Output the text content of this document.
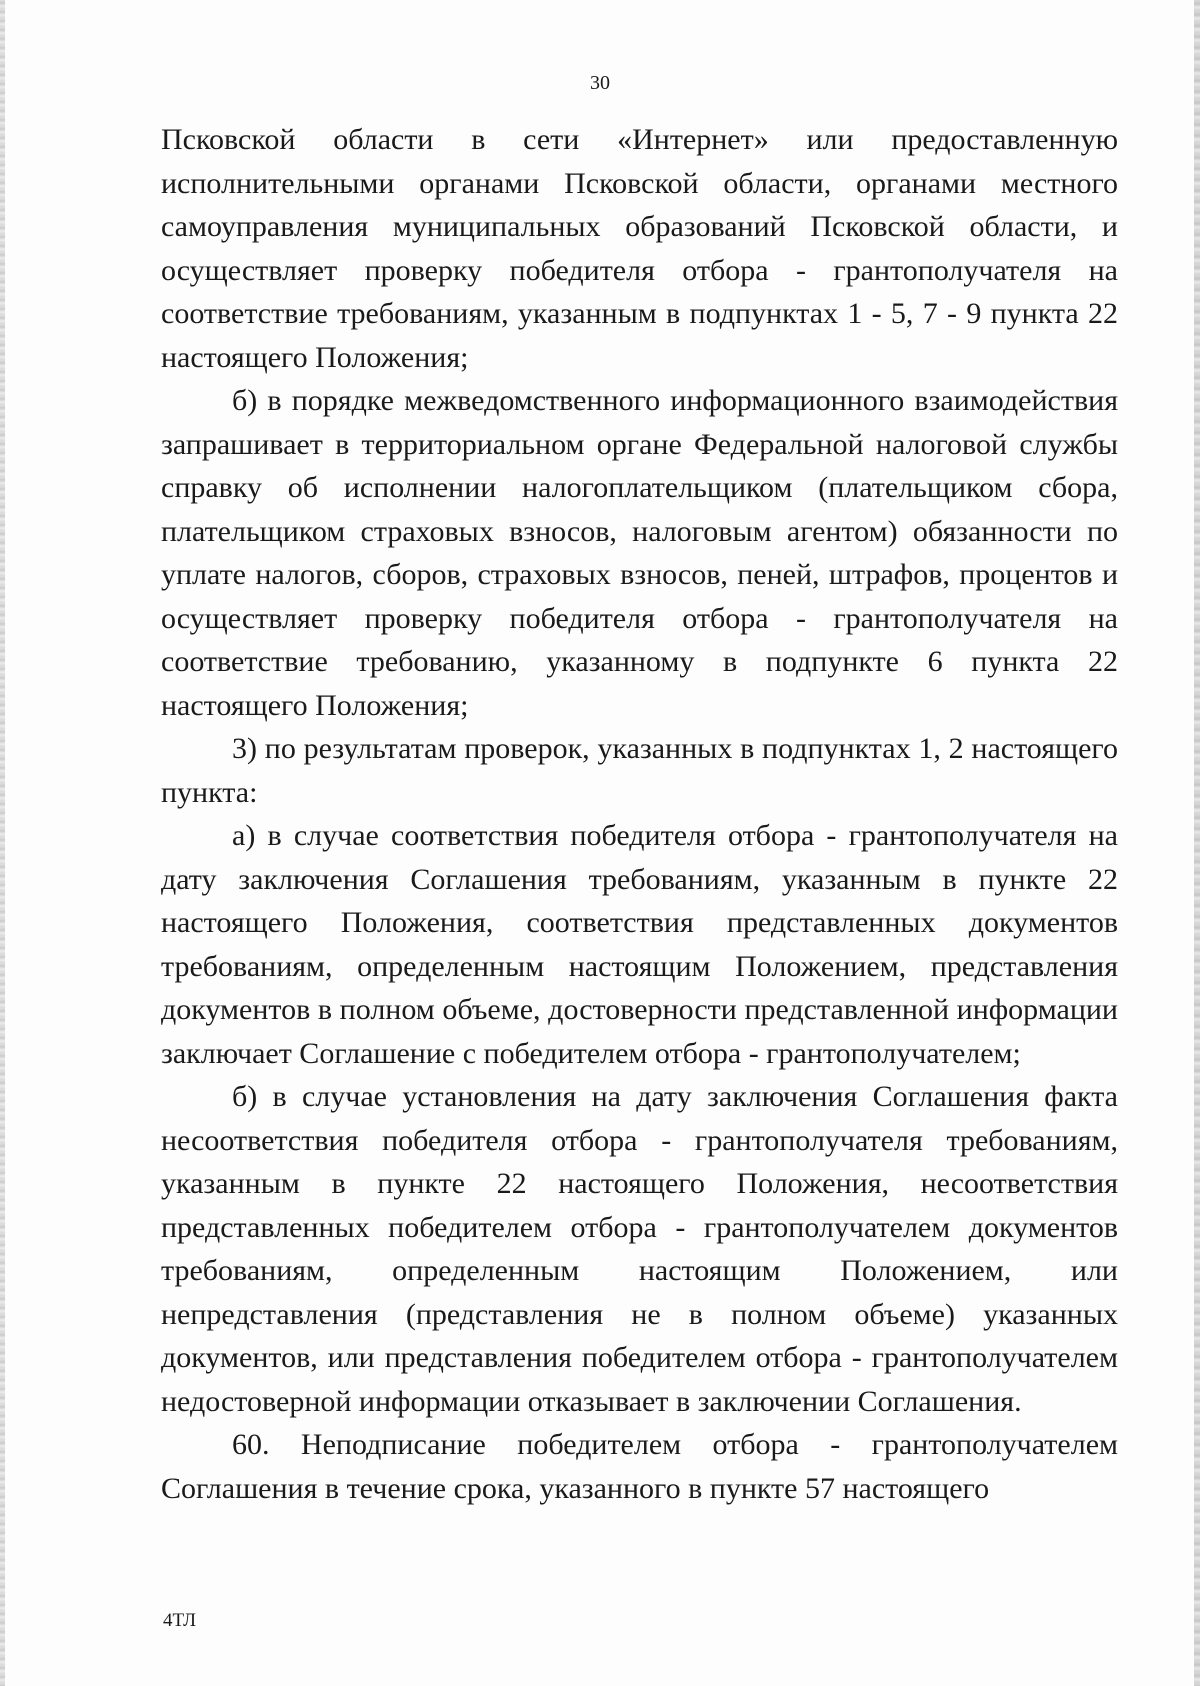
30

Псковской области в сети «Интернет» или предоставленную исполнительными органами Псковской области, органами местного самоуправления муниципальных образований Псковской области, и осуществляет проверку победителя отбора - грантополучателя на соответствие требованиям, указанным в подпунктах 1 - 5, 7 - 9 пункта 22 настоящего Положения;

б) в порядке межведомственного информационного взаимодействия запрашивает в территориальном органе Федеральной налоговой службы справку об исполнении налогоплательщиком (плательщиком сбора, плательщиком страховых взносов, налоговым агентом) обязанности по уплате налогов, сборов, страховых взносов, пеней, штрафов, процентов и осуществляет проверку победителя отбора - грантополучателя на соответствие требованию, указанному в подпункте 6 пункта 22 настоящего Положения;

3) по результатам проверок, указанных в подпунктах 1, 2 настоящего пункта:

а) в случае соответствия победителя отбора - грантополучателя на дату заключения Соглашения требованиям, указанным в пункте 22 настоящего Положения, соответствия представленных документов требованиям, определенным настоящим Положением, представления документов в полном объеме, достоверности представленной информации заключает Соглашение с победителем отбора - грантополучателем;

б) в случае установления на дату заключения Соглашения факта несоответствия победителя отбора - грантополучателя требованиям, указанным в пункте 22 настоящего Положения, несоответствия представленных победителем отбора - грантополучателем документов требованиям, определенным настоящим Положением, или непредставления (представления не в полном объеме) указанных документов, или представления победителем отбора - грантополучателем недостоверной информации отказывает в заключении Соглашения.

60. Неподписание победителем отбора - грантополучателем Соглашения в течение срока, указанного в пункте 57 настоящего

4ТЛ
